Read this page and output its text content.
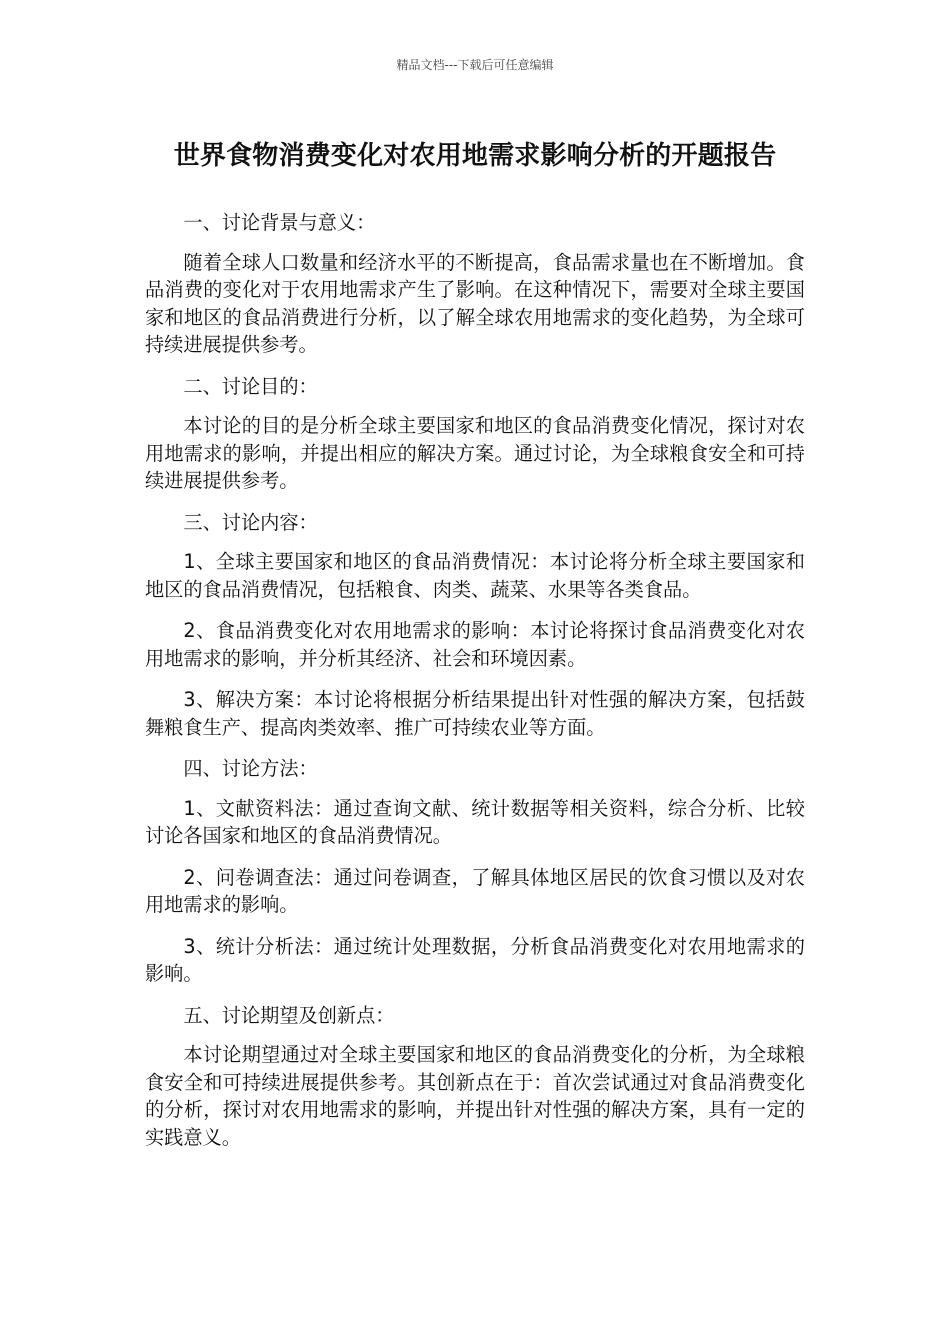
精品文档---下载后可任意编辑
世界食物消费变化对农用地需求影响分析的开题报告

一、讨论背景与意义：

随着全球人口数量和经济水平的不断提高，食品需求量也在不断增加。食品消费的变化对于农用地需求产生了影响。在这种情况下，需要对全球主要国家和地区的食品消费进行分析，以了解全球农用地需求的变化趋势，为全球可持续进展提供参考。

二、讨论目的：

本讨论的目的是分析全球主要国家和地区的食品消费变化情况，探讨对农用地需求的影响，并提出相应的解决方案。通过讨论，为全球粮食安全和可持续进展提供参考。

三、讨论内容：

1、全球主要国家和地区的食品消费情况：本讨论将分析全球主要国家和地区的食品消费情况，包括粮食、肉类、蔬菜、水果等各类食品。

2、食品消费变化对农用地需求的影响：本讨论将探讨食品消费变化对农用地需求的影响，并分析其经济、社会和环境因素。

3、解决方案：本讨论将根据分析结果提出针对性强的解决方案，包括鼓舞粮食生产、提高肉类效率、推广可持续农业等方面。

四、讨论方法：

1、文献资料法：通过查询文献、统计数据等相关资料，综合分析、比较讨论各国家和地区的食品消费情况。

2、问卷调查法：通过问卷调查，了解具体地区居民的饮食习惯以及对农用地需求的影响。

3、统计分析法：通过统计处理数据，分析食品消费变化对农用地需求的影响。

五、讨论期望及创新点：

本讨论期望通过对全球主要国家和地区的食品消费变化的分析，为全球粮食安全和可持续进展提供参考。其创新点在于：首次尝试通过对食品消费变化的分析，探讨对农用地需求的影响，并提出针对性强的解决方案，具有一定的实践意义。
